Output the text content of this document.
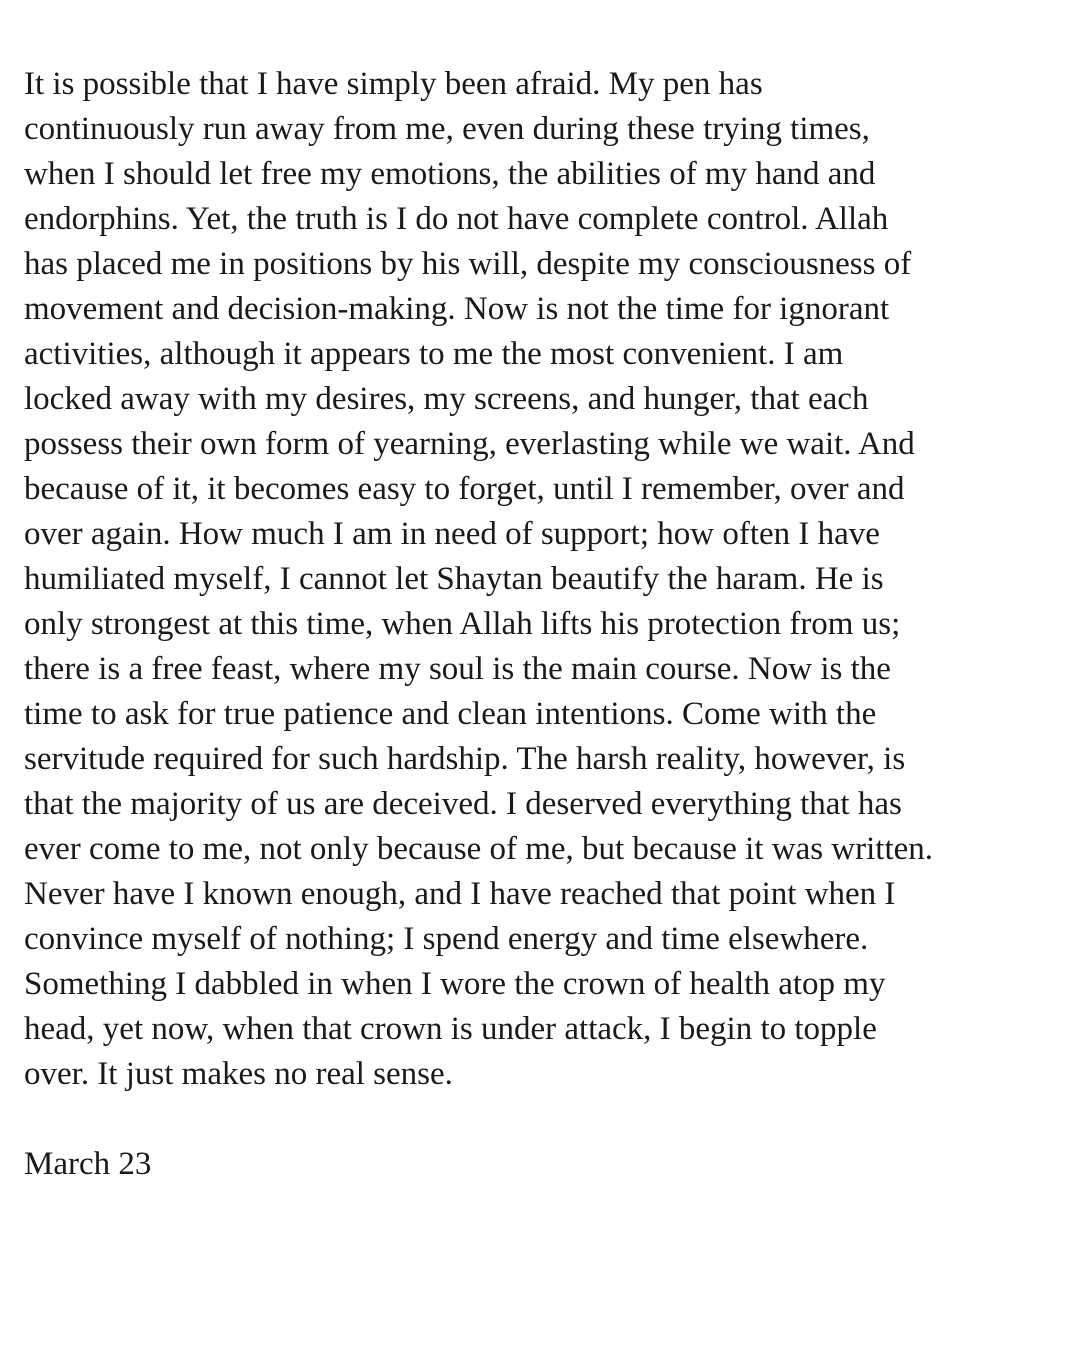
It is possible that I have simply been afraid. My pen has
continuously run away from me, even during these trying times,
when I should let free my emotions, the abilities of my hand and
endorphins. Yet, the truth is I do not have complete control. Allah
has placed me in positions by his will, despite my consciousness of
movement and decision-making. Now is not the time for ignorant
activities, although it appears to me the most convenient. I am
locked away with my desires, my screens, and hunger, that each
possess their own form of yearning, everlasting while we wait. And
because of it, it becomes easy to forget, until I remember, over and
over again. How much I am in need of support; how often I have
humiliated myself, I cannot let Shaytan beautify the haram. He is
only strongest at this time, when Allah lifts his protection from us;
there is a free feast, where my soul is the main course. Now is the
time to ask for true patience and clean intentions. Come with the
servitude required for such hardship. The harsh reality, however, is
that the majority of us are deceived. I deserved everything that has
ever come to me, not only because of me, but because it was written.
Never have I known enough, and I have reached that point when I
convince myself of nothing; I spend energy and time elsewhere.
Something I dabbled in when I wore the crown of health atop my
head, yet now, when that crown is under attack, I begin to topple
over. It just makes no real sense.
March 23
